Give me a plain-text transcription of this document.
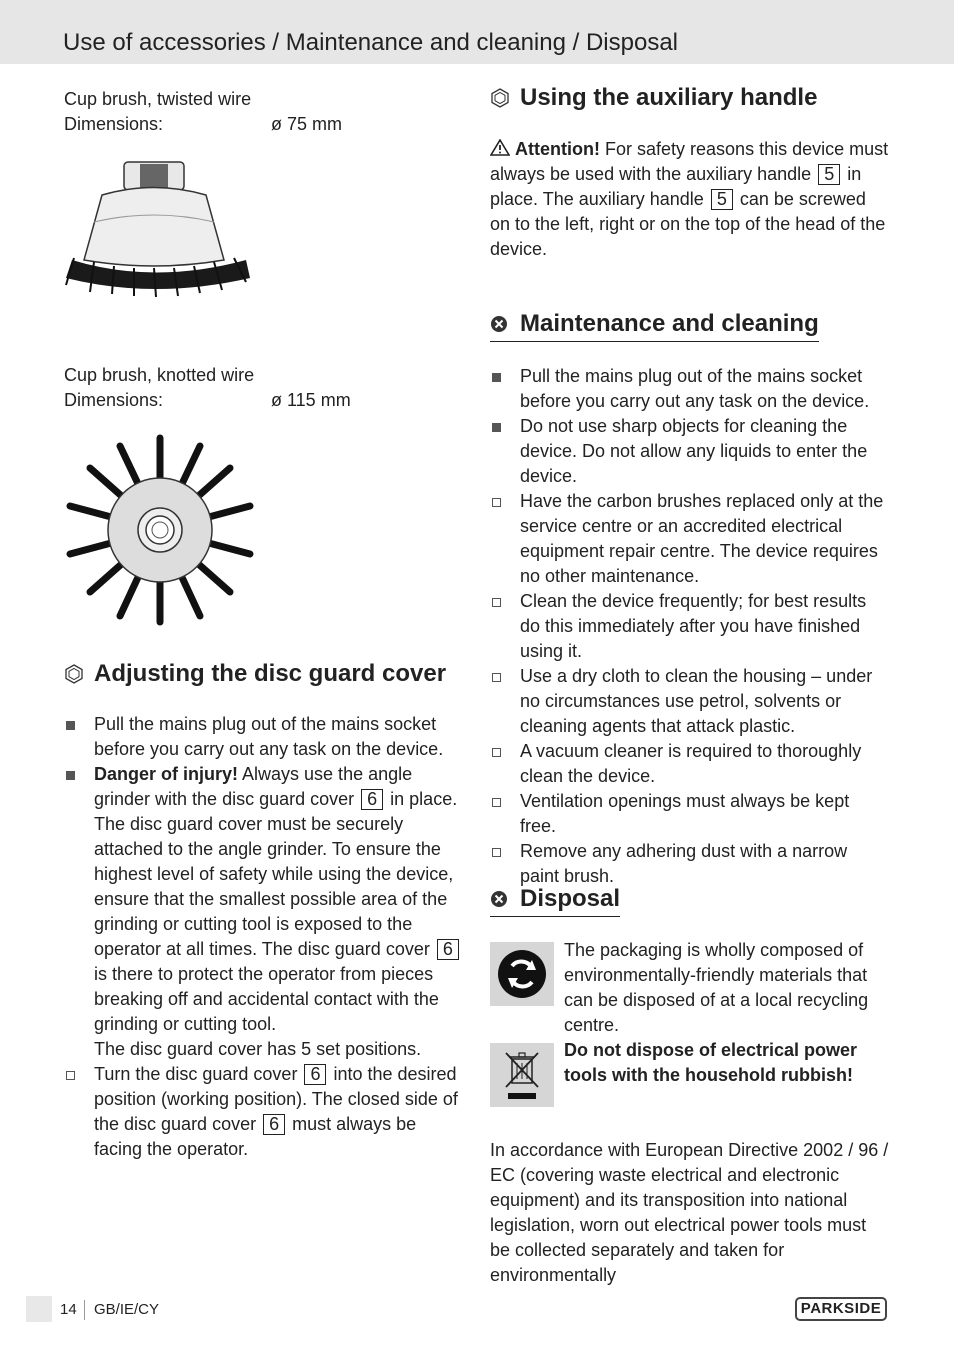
Use of accessories / Maintenance and cleaning / Disposal
Cup brush, twisted wire
Dimensions:	ø 75 mm
Cup brush, knotted wire
Dimensions:	ø 115 mm
Adjusting the disc guard cover
Pull the mains plug out of the mains socket before you carry out any task on the device.
Danger of injury! Always use the angle grinder with the disc guard cover 6 in place. The disc guard cover must be securely attached to the angle grinder. To ensure the highest level of safety while using the device,
ensure that the smallest possible area of the grinding or cutting tool is exposed to the operator at all times. The disc guard cover 6 is there to protect the operator from pieces breaking off and accidental contact with the grinding or cutting tool.
The disc guard cover has 5 set positions.
Turn the disc guard cover 6 into the desired position (working position). The closed side of the disc guard cover 6 must always be facing the operator.
Using the auxiliary handle
Attention! For safety reasons this device must always be used with the auxiliary handle 5 in place. The auxiliary handle 5 can be screwed on to the left, right or on the top of the head of the device.
Maintenance and cleaning
Pull the mains plug out of the mains socket before you carry out any task on the device.
Do not use sharp objects for cleaning the device. Do not allow any liquids to enter the device.
Have the carbon brushes replaced only at the service centre or an accredited electrical equipment repair centre. The device requires no other maintenance.
Clean the device frequently; for best results do this immediately after you have finished using it.
Use a dry cloth to clean the housing – under no circumstances use petrol, solvents or cleaning agents that attack plastic.
A vacuum cleaner is required to thoroughly clean the device.
Ventilation openings must always be kept free.
Remove any adhering dust with a narrow paint brush.
Disposal
The packaging is wholly composed of environmentally-friendly materials that can be disposed of at a local recycling centre.
Do not dispose of electrical power tools with the household rubbish!
In accordance with European Directive 2002 / 96 / EC (covering waste electrical and electronic equipment) and its transposition into national legislation, worn out electrical power tools must be collected separately and taken for environmentally
14 GB/IE/CY	PARKSIDE
